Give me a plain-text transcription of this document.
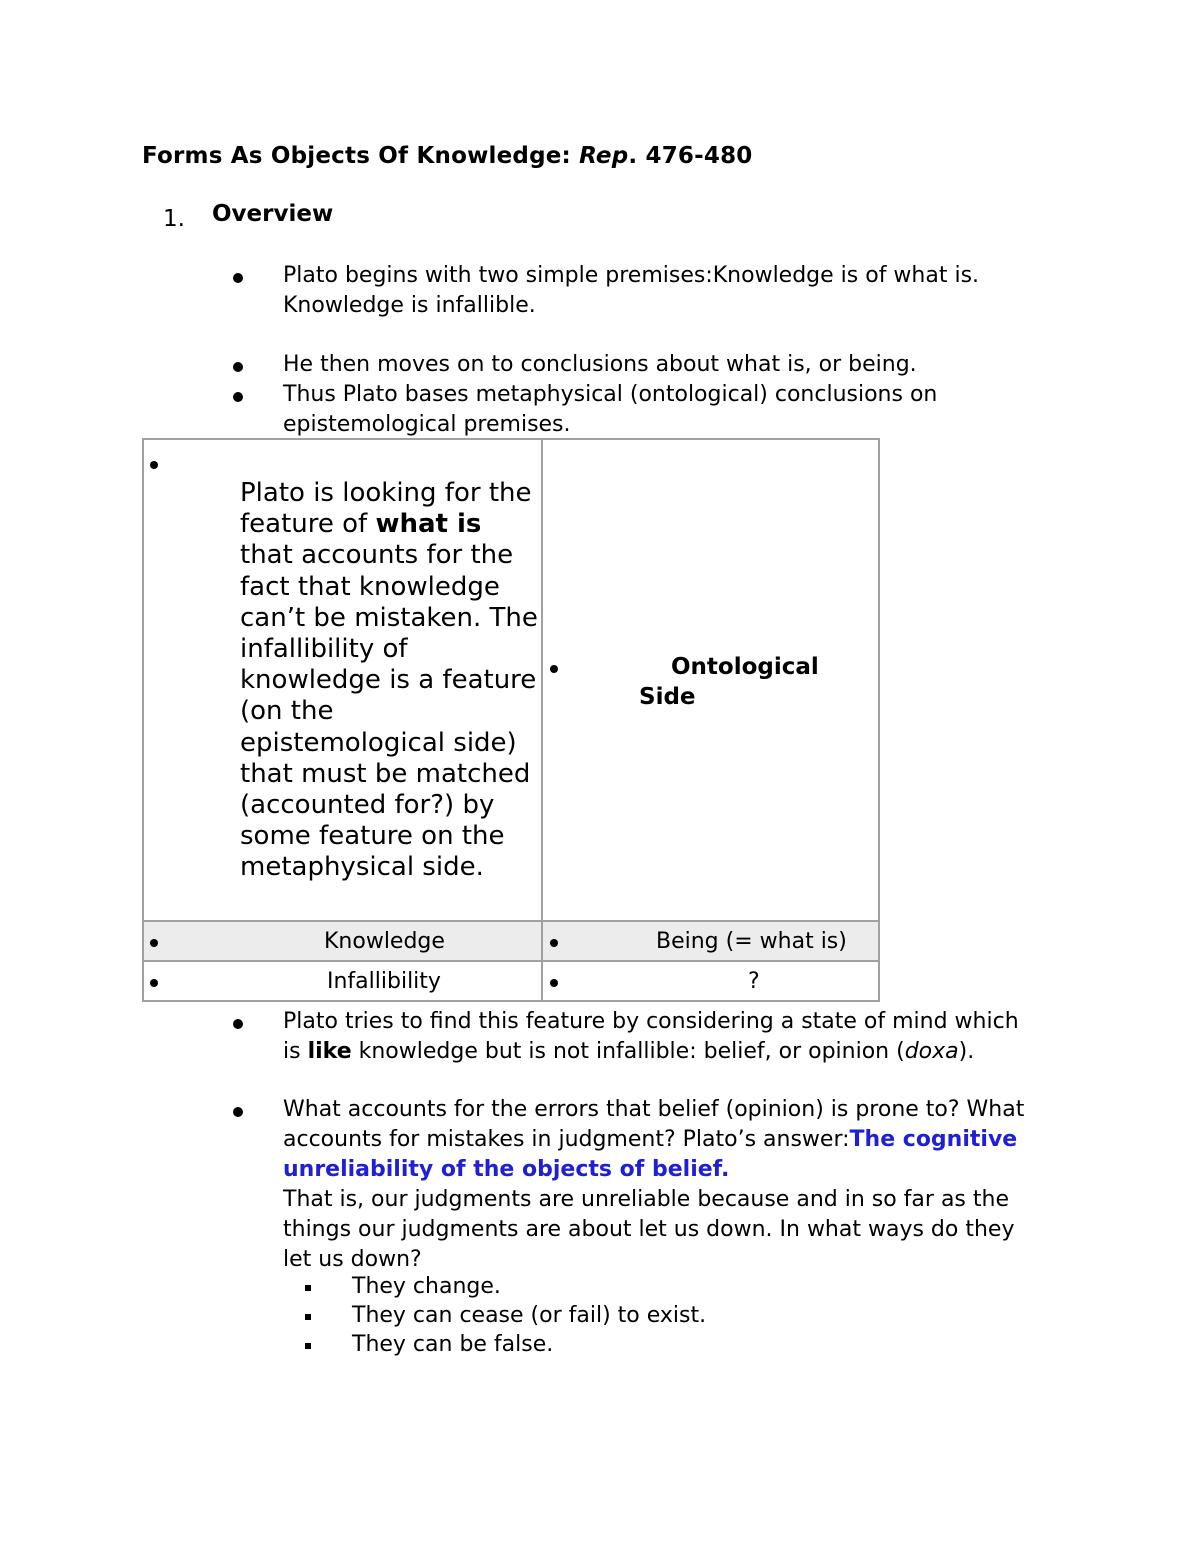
Forms As Objects Of Knowledge: Rep. 476-480
1. Overview
Plato begins with two simple premises:Knowledge is of what is. Knowledge is infallible.
He then moves on to conclusions about what is, or being.
Thus Plato bases metaphysical (ontological) conclusions on epistemological premises.
Plato is looking for the feature of what is that accounts for the fact that knowledge can’t be mistaken. The infallibility of knowledge is a feature (on the epistemological side) that must be matched (accounted for?) by some feature on the metaphysical side.
Ontological
Side
Knowledge	Being (= what is)
Infallibility	?
Plato tries to find this feature by considering a state of mind which is like knowledge but is not infallible: belief, or opinion (doxa).
What accounts for the errors that belief (opinion) is prone to? What accounts for mistakes in judgment? Plato’s answer:The cognitive unreliability of the objects of belief.
That is, our judgments are unreliable because and in so far as the things our judgments are about let us down. In what ways do they let us down?
They change.
They can cease (or fail) to exist.
They can be false.
